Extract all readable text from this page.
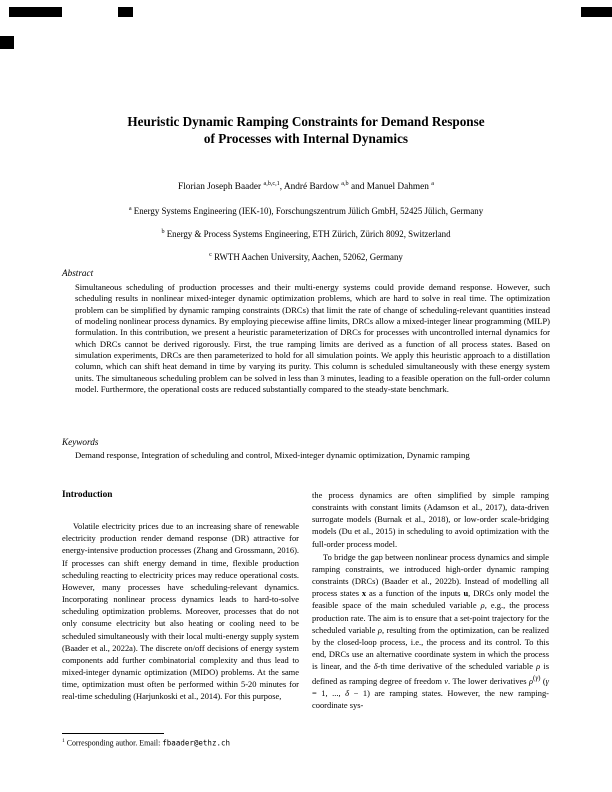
Heuristic Dynamic Ramping Constraints for Demand Response
of Processes with Internal Dynamics
Florian Joseph Baader $^{a,b,c,1}$, André Bardow $^{a,b}$ and Manuel Dahmen $^a$
$^a$ Energy Systems Engineering (IEK-10), Forschungszentrum Jülich GmbH, 52425 Jülich, Germany
$^b$ Energy & Process Systems Engineering, ETH Zürich, Zürich 8092, Switzerland
$^c$ RWTH Aachen University, Aachen, 52062, Germany
Abstract
Simultaneous scheduling of production processes and their multi-energy systems could provide demand response. However, such scheduling results in nonlinear mixed-integer dynamic optimization problems, which are hard to solve in real time. The optimization problem can be simplified by dynamic ramping constraints (DRCs) that limit the rate of change of scheduling-relevant quantities instead of modeling nonlinear process dynamics. By employing piecewise affine limits, DRCs allow a mixed-integer linear programming (MILP) formulation. In this contribution, we present a heuristic parameterization of DRCs for processes with uncontrolled internal dynamics for which DRCs cannot be derived rigorously. First, the true ramping limits are derived as a function of all process states. Based on simulation experiments, DRCs are then parameterized to hold for all simulation points. We apply this heuristic approach to a distillation column, which can shift heat demand in time by varying its purity. This column is scheduled simultaneously with these energy system units. The simultaneous scheduling problem can be solved in less than 3 minutes, leading to a feasible operation on the full-order column model. Furthermore, the operational costs are reduced substantially compared to the steady-state benchmark.
Keywords
Demand response, Integration of scheduling and control, Mixed-integer dynamic optimization, Dynamic ramping
Introduction

Volatile electricity prices due to an increasing share of renewable electricity production render demand response (DR) attractive for energy-intensive production processes (Zhang and Grossmann, 2016). If processes can shift energy demand in time, flexible production scheduling reacting to electricity prices may reduce operational costs. However, many processes have scheduling-relevant dynamics. Incorporating nonlinear process dynamics leads to hard-to-solve scheduling optimization problems. Moreover, processes that do not only consume electricity but also heating or cooling need to be scheduled simultaneously with their local multi-energy supply system (Baader et al., 2022a). The discrete on/off decisions of energy system components add further combinatorial complexity and thus lead to mixed-integer dynamic optimization (MIDO) problems. At the same time, optimization must often be performed within 5-20 minutes for real-time scheduling (Harjunkoski et al., 2014). For this purpose,

the process dynamics are often simplified by simple ramping constraints with constant limits (Adamson et al., 2017), data-driven surrogate models (Burnak et al., 2018), or low-order scale-bridging models (Du et al., 2015) in scheduling to avoid optimization with the full-order process model.

To bridge the gap between nonlinear process dynamics and simple ramping constraints, we introduced high-order dynamic ramping constraints (DRCs) (Baader et al., 2022b). Instead of modelling all process states x as a function of the inputs u, DRCs only model the feasible space of the main scheduled variable ρ, e.g., the process production rate. The aim is to ensure that a set-point trajectory for the scheduled variable ρ, resulting from the optimization, can be realized by the closed-loop process, i.e., the process and its control. To this end, DRCs use an alternative coordinate system in which the process is linear, and the δ-th time derivative of the scheduled variable ρ is defined as ramping degree of freedom ν. The lower derivatives $\rho^{(\gamma)}$ (γ = 1, ..., δ − 1) are ramping states. However, the new ramping-coordinate sys-

$^1$ Corresponding author. Email: fbaader@ethz.ch
